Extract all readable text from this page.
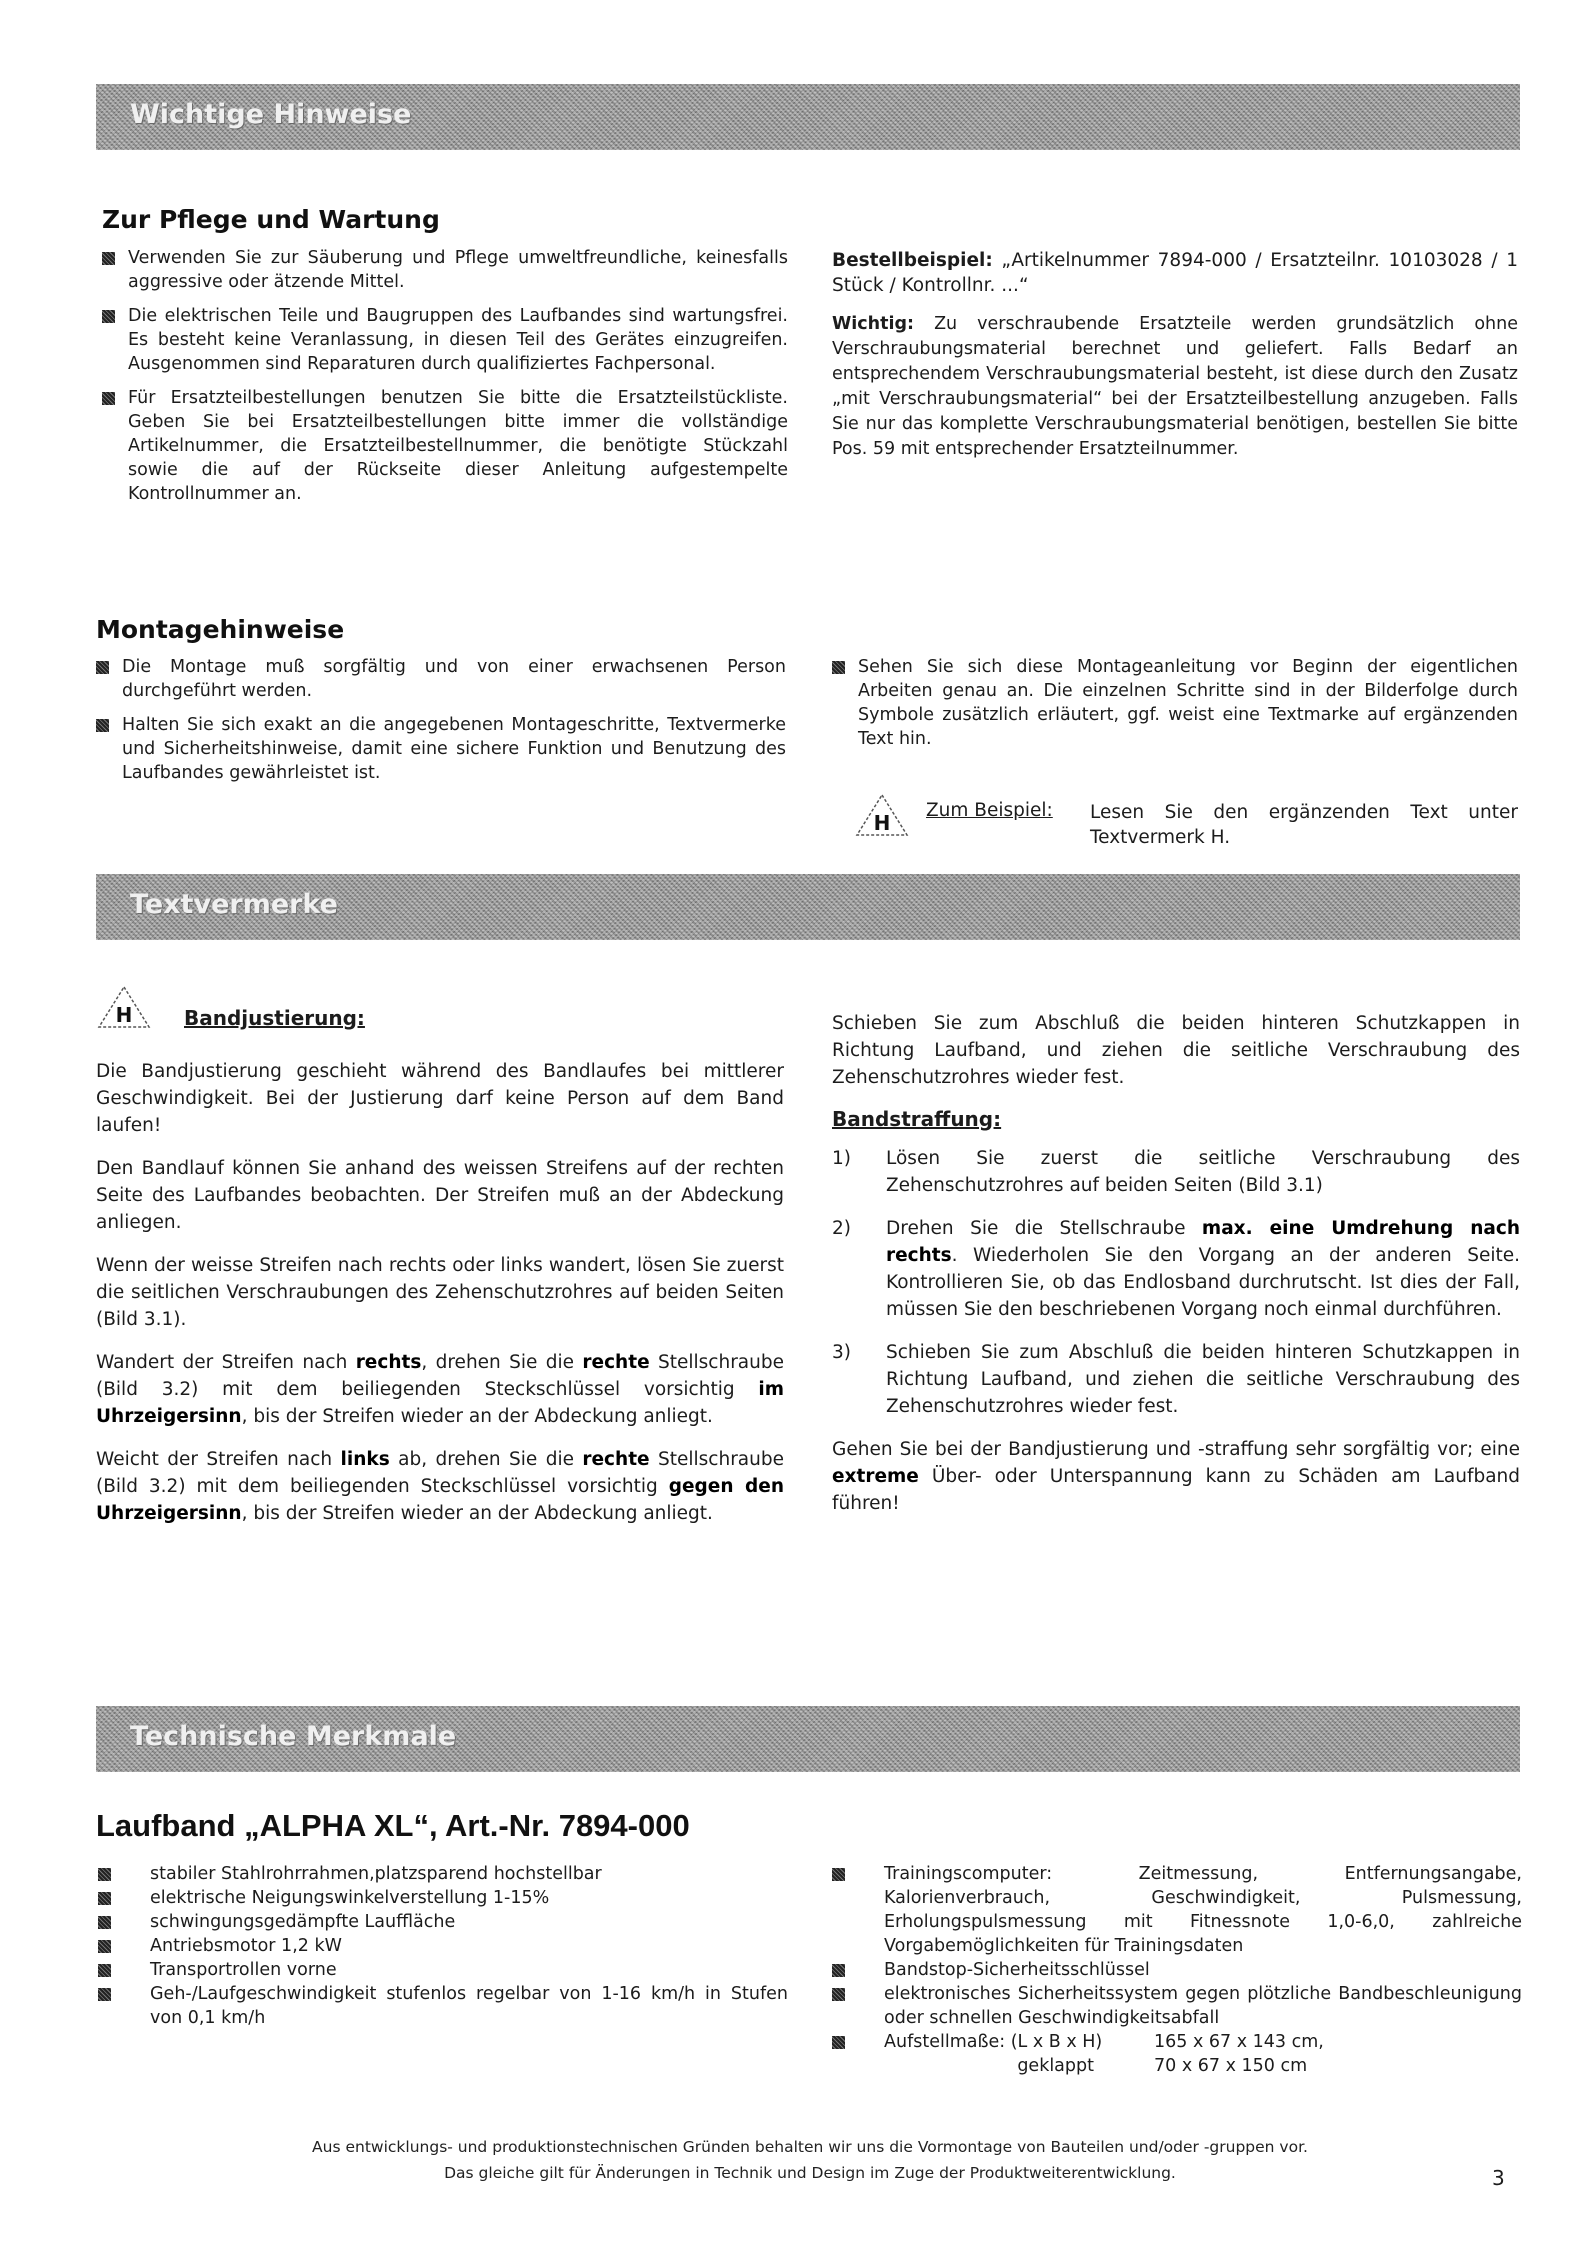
Wichtige Hinweise
Zur Pflege und Wartung
Verwenden Sie zur Säuberung und Pflege umweltfreundliche, keinesfalls aggressive oder ätzende Mittel.
Die elektrischen Teile und Baugruppen des Laufbandes sind wartungsfrei. Es besteht keine Veranlassung, in diesen Teil des Gerätes einzugreifen. Ausgenommen sind Reparaturen durch qualifiziertes Fachpersonal.
Für Ersatzteilbestellungen benutzen Sie bitte die Ersatzteilstückliste. Geben Sie bei Ersatzteilbestellungen bitte immer die vollständige Artikelnummer, die Ersatzteilbestellnummer, die benötigte Stückzahl sowie die auf der Rückseite dieser Anleitung aufgestempelte Kontrollnummer an.
Bestellbeispiel: „Artikelnummer 7894-000 / Ersatzteilnr. 10103028 / 1 Stück / Kontrollnr. ...“
Wichtig: Zu verschraubende Ersatzteile werden grundsätzlich ohne Verschraubungsmaterial berechnet und geliefert. Falls Bedarf an entsprechendem Verschraubungsmaterial besteht, ist diese durch den Zusatz „mit Verschraubungsmaterial“ bei der Ersatzteilbestellung anzugeben. Falls Sie nur das komplette Verschraubungsmaterial benötigen, bestellen Sie bitte Pos. 59 mit entsprechender Ersatzteilnummer.
Montagehinweise
Die Montage muß sorgfältig und von einer erwachsenen Person durchgeführt werden.
Halten Sie sich exakt an die angegebenen Montageschritte, Textvermerke und Sicherheitshinweise, damit eine sichere Funktion und Benutzung des Laufbandes gewährleistet ist.
Sehen Sie sich diese Montageanleitung vor Beginn der eigentlichen Arbeiten genau an. Die einzelnen Schritte sind in der Bilderfolge durch Symbole zusätzlich erläutert, ggf. weist eine Textmarke auf ergänzenden Text hin.
H
Zum Beispiel: Lesen Sie den ergänzenden Text unter Textvermerk H.
Textvermerke
H	Bandjustierung:

Die Bandjustierung geschieht während des Bandlaufes bei mittlerer Geschwindigkeit. Bei der Justierung darf keine Person auf dem Band laufen!

Den Bandlauf können Sie anhand des weissen Streifens auf der rechten Seite des Laufbandes beobachten. Der Streifen muß an der Abdeckung anliegen.

Wenn der weisse Streifen nach rechts oder links wandert, lösen Sie zuerst die seitlichen Verschraubungen des Zehenschutzrohres auf beiden Seiten (Bild 3.1).

Wandert der Streifen nach rechts, drehen Sie die rechte Stellschraube (Bild 3.2) mit dem beiliegenden Steckschlüssel vorsichtig im Uhrzeigersinn, bis der Streifen wieder an der Abdeckung anliegt.

Weicht der Streifen nach links ab, drehen Sie die rechte Stellschraube (Bild 3.2) mit dem beiliegenden Steckschlüssel vorsichtig gegen den Uhrzeigersinn, bis der Streifen wieder an der Abdeckung anliegt.

Schieben Sie zum Abschluß die beiden hinteren Schutzkappen in Richtung Laufband, und ziehen die seitliche Verschraubung des Zehenschutzrohres wieder fest.

Bandstraffung:
1) Lösen Sie zuerst die seitliche Verschraubung des Zehenschutzrohres auf beiden Seiten (Bild 3.1)
2) Drehen Sie die Stellschraube max. eine Umdrehung nach rechts. Wiederholen Sie den Vorgang an der anderen Seite. Kontrollieren Sie, ob das Endlosband durchrutscht. Ist dies der Fall, müssen Sie den beschriebenen Vorgang noch einmal durchführen.
3) Schieben Sie zum Abschluß die beiden hinteren Schutzkappen in Richtung Laufband, und ziehen die seitliche Verschraubung des Zehenschutzrohres wieder fest.

Gehen Sie bei der Bandjustierung und -straffung sehr sorgfältig vor; eine extreme Über- oder Unterspannung kann zu Schäden am Laufband führen!

Technische Merkmale
Laufband „ALPHA XL“, Art.-Nr. 7894-000
stabiler Stahlrohrrahmen,platzsparend hochstellbar
elektrische Neigungswinkelverstellung 1-15%
schwingungsgedämpfte Lauffläche
Antriebsmotor 1,2 kW
Transportrollen vorne
Geh-/Laufgeschwindigkeit stufenlos regelbar von 1-16 km/h in Stufen von 0,1 km/h
Trainingscomputer: Zeitmessung, Entfernungsangabe, Kalorienverbrauch, Geschwindigkeit, Pulsmessung, Erholungspulsmessung mit Fitnessnote 1,0-6,0, zahlreiche Vorgabemöglichkeiten für Trainingsdaten
Bandstop-Sicherheitsschlüssel
elektronisches Sicherheitssystem gegen plötzliche Bandbeschleunigung oder schnellen Geschwindigkeitsabfall
Aufstellmaße: (L x B x H)	165 x 67 x 143 cm,
geklappt	70 x 67 x 150 cm
Aus entwicklungs- und produktionstechnischen Gründen behalten wir uns die Vormontage von Bauteilen und/oder -gruppen vor.
Das gleiche gilt für Änderungen in Technik und Design im Zuge der Produktweiterentwicklung.	3
